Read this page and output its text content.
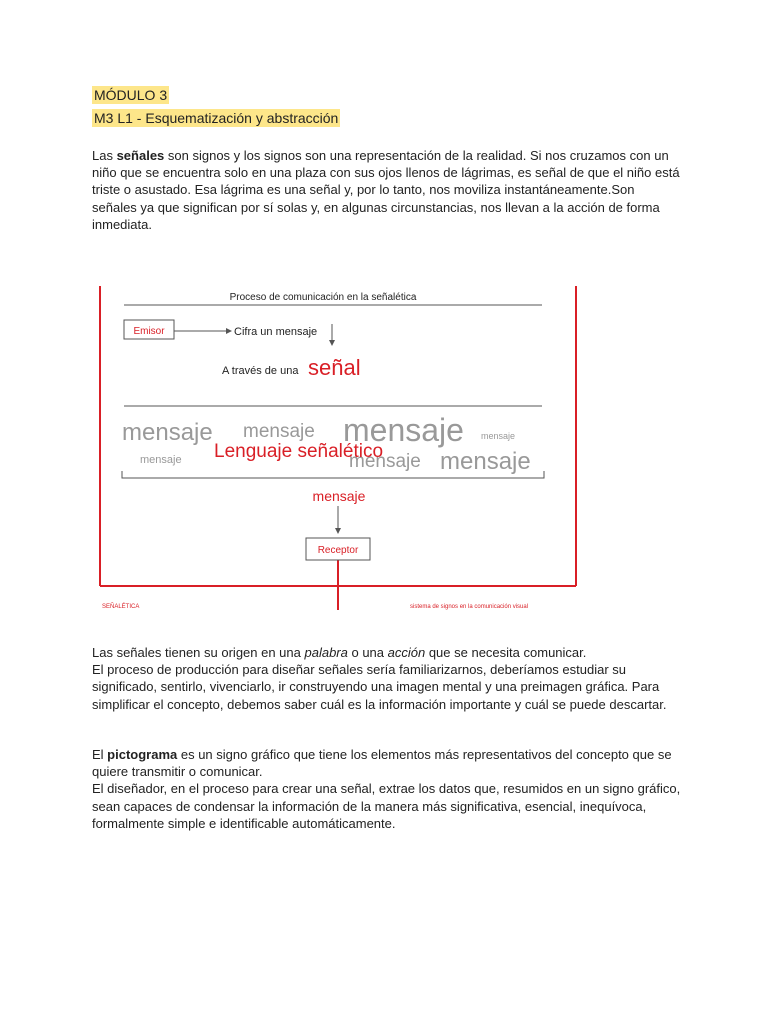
MÓDULO 3
M3 L1 - Esquematización y abstracción
Las señales son signos y los signos son una representación de la realidad. Si nos cruzamos con un niño que se encuentra solo en una plaza con sus ojos llenos de lágrimas, es señal de que el niño está triste o asustado. Esa lágrima es una señal y, por lo tanto, nos moviliza instantáneamente.Son señales ya que significan por sí solas y, en algunas circunstancias, nos llevan a la acción de forma inmediata.
Proceso de comunicación en la señalética
Emisor	Cifra un mensaje
A través de una señal
mensaje mensaje mensaje mensaje
mensaje	mensaje mensaje
Lenguaje señalético
mensaje
Receptor
SEÑALÉTICA	sistema de signos en la comunicación visual
Las señales tienen su origen en una palabra o una acción que se necesita comunicar.
El proceso de producción para diseñar señales sería familiarizarnos, deberíamos estudiar su significado, sentirlo, vivenciarlo, ir construyendo una imagen mental y una preimagen gráfica. Para simplificar el concepto, debemos saber cuál es la información importante y cuál se puede descartar.
El pictograma es un signo gráfico que tiene los elementos más representativos del concepto que se quiere transmitir o comunicar.
El diseñador, en el proceso para crear una señal, extrae los datos que, resumidos en un signo gráfico, sean capaces de condensar la información de la manera más significativa, esencial, inequívoca, formalmente simple e identificable automáticamente.
